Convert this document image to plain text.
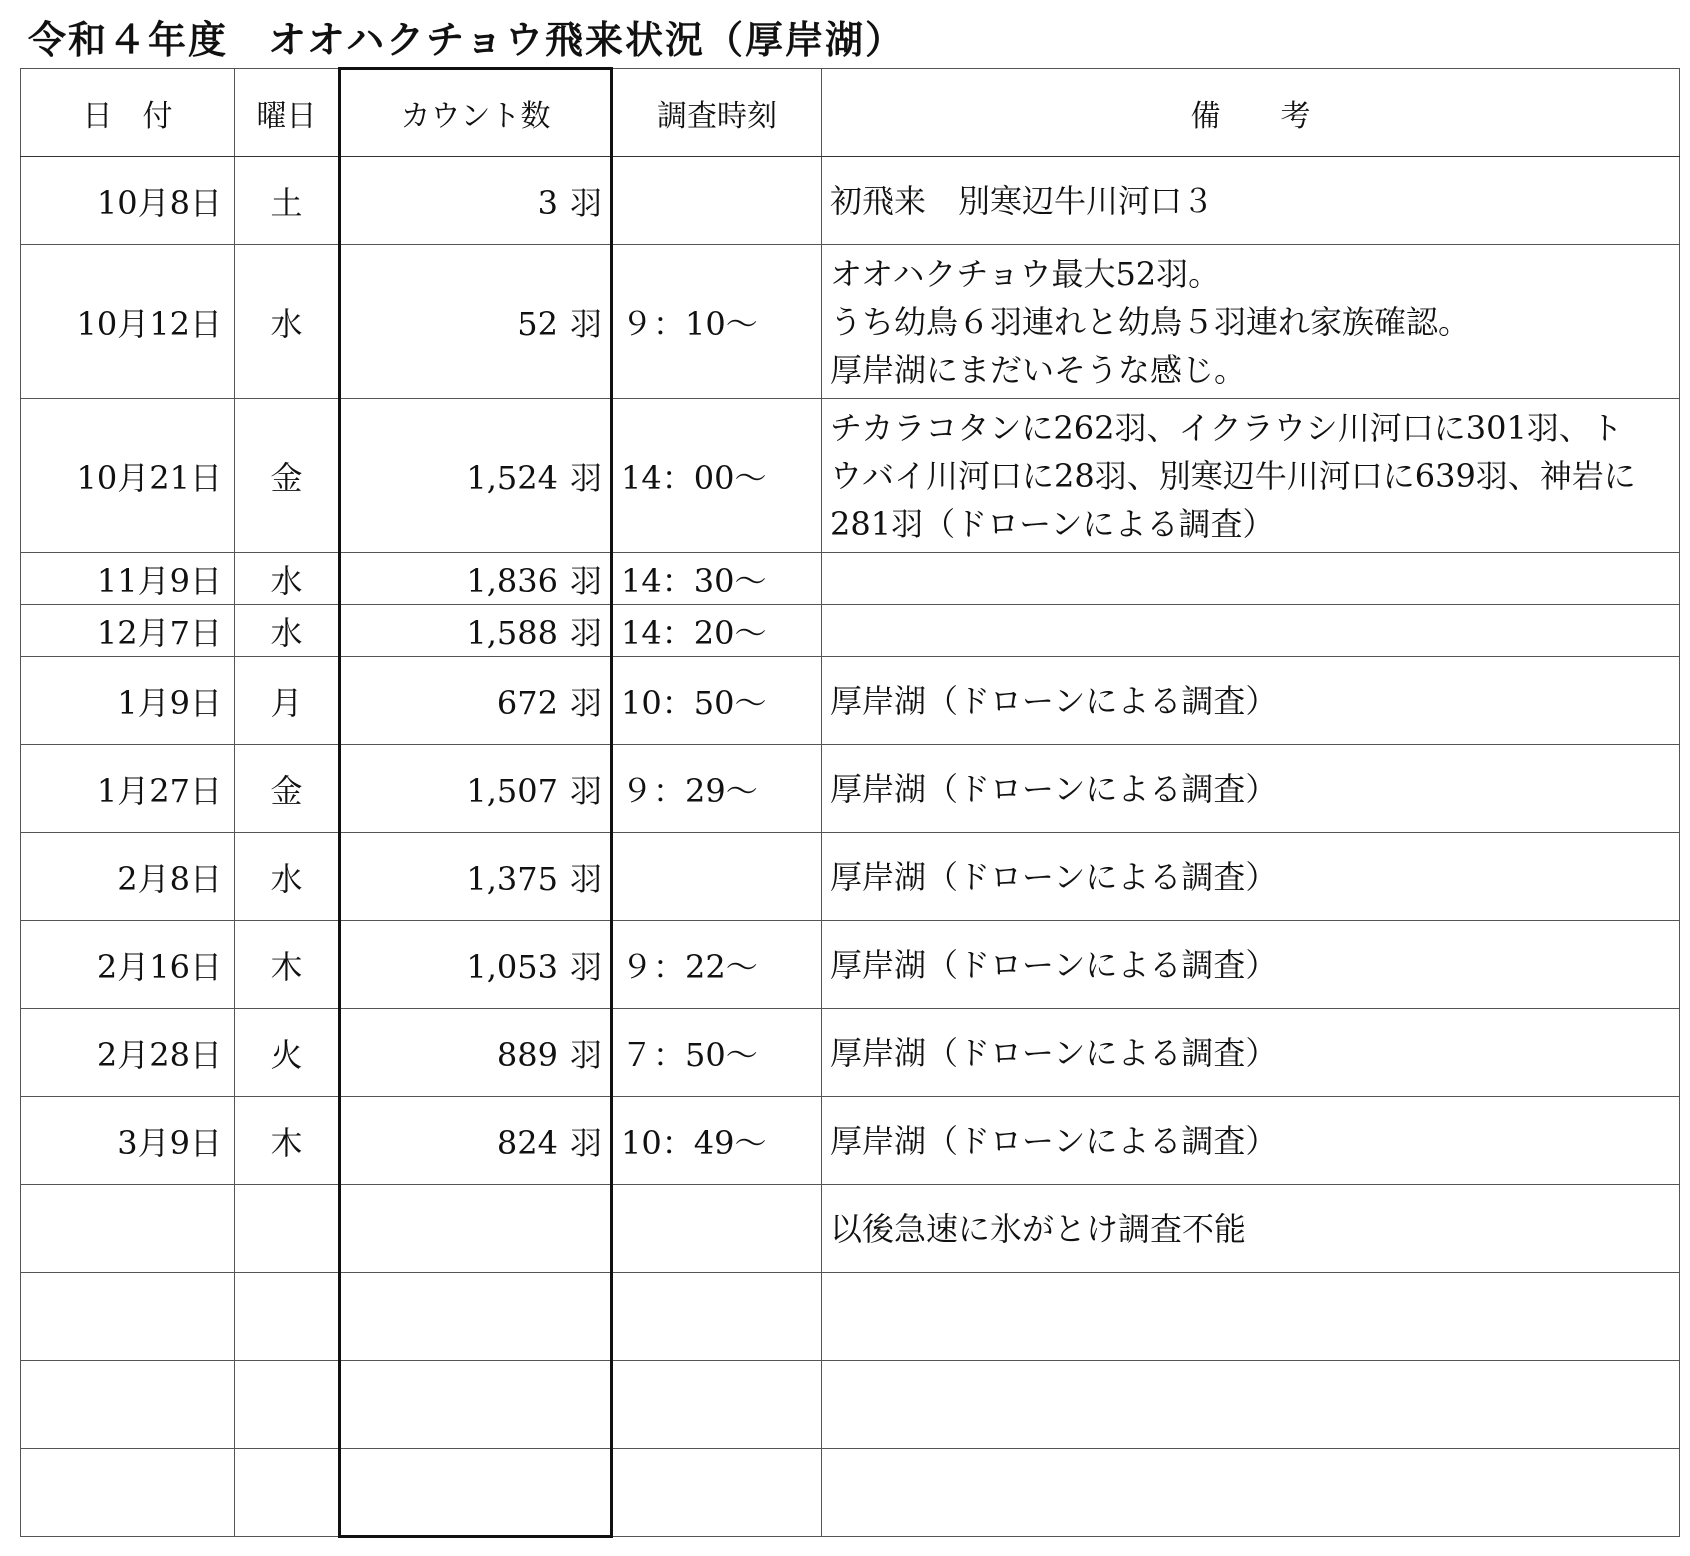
令和４年度　オオハクチョウ飛来状況（厚岸湖）
日　付	曜日	カウント数	調査時刻	備　　考
10月8日	土	3 羽		初飛来　別寒辺牛川河口３

10月12日	水	52 羽	９：10〜	オオハクチョウ最大52羽。
うち幼鳥６羽連れと幼鳥５羽連れ家族確認。
厚岸湖にまだいそうな感じ。

10月21日	金	1,524 羽	14：00〜	チカラコタンに262羽、イクラウシ川河口に301羽、ト
ウバイ川河口に28羽、別寒辺牛川河口に639羽、神岩に
281羽（ドローンによる調査）

11月9日	水	1,836 羽	14：30〜	
12月7日	水	1,588 羽	14：20〜	
1月9日	月	672 羽	10：50〜	厚岸湖（ドローンによる調査）

1月27日	金	1,507 羽	９：29〜	厚岸湖（ドローンによる調査）

2月8日	水	1,375 羽		厚岸湖（ドローンによる調査）

2月16日	木	1,053 羽	９：22〜	厚岸湖（ドローンによる調査）

2月28日	火	889 羽	７：50〜	厚岸湖（ドローンによる調査）

3月9日	木	824 羽	10：49〜	厚岸湖（ドローンによる調査）

				以後急速に氷がとけ調査不能
